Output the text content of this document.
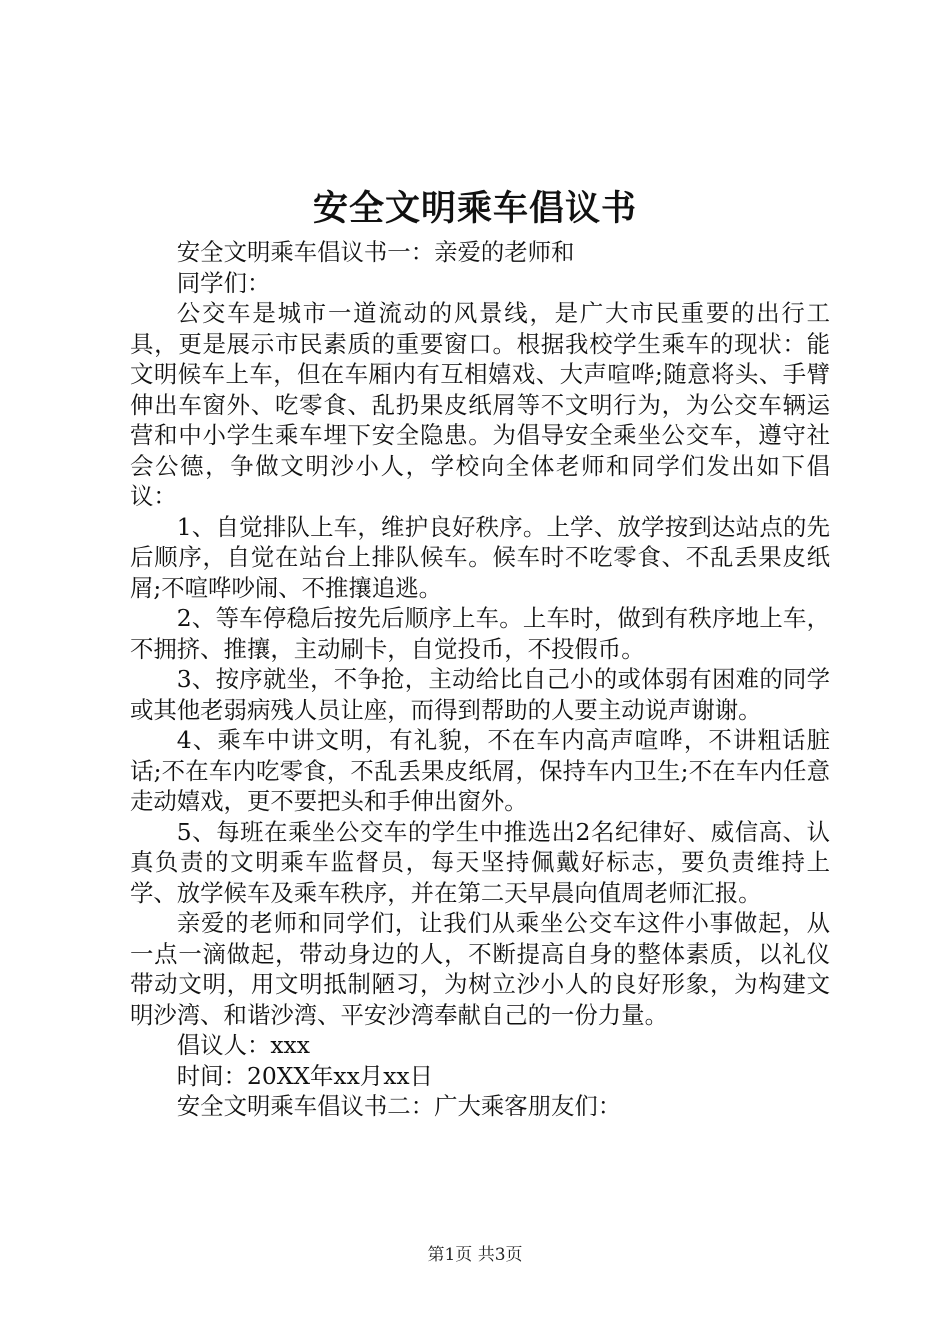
安全文明乘车倡议书

安全文明乘车倡议书一：亲爱的老师和

同学们：

公交车是城市一道流动的风景线，是广大市民重要的出行工具，更是展示市民素质的重要窗口。根据我校学生乘车的现状：能文明候车上车，但在车厢内有互相嬉戏、大声喧哗;随意将头、手臂伸出车窗外、吃零食、乱扔果皮纸屑等不文明行为，为公交车辆运营和中小学生乘车埋下安全隐患。为倡导安全乘坐公交车，遵守社会公德，争做文明沙小人，学校向全体老师和同学们发出如下倡议：

1、自觉排队上车，维护良好秩序。上学、放学按到达站点的先后顺序，自觉在站台上排队候车。候车时不吃零食、不乱丢果皮纸屑;不喧哗吵闹、不推攘追逃。

2、等车停稳后按先后顺序上车。上车时，做到有秩序地上车，不拥挤、推攘，主动刷卡，自觉投币，不投假币。

3、按序就坐，不争抢，主动给比自己小的或体弱有困难的同学或其他老弱病残人员让座，而得到帮助的人要主动说声谢谢。

4、乘车中讲文明，有礼貌，不在车内高声喧哗，不讲粗话脏话;不在车内吃零食，不乱丢果皮纸屑，保持车内卫生;不在车内任意走动嬉戏，更不要把头和手伸出窗外。

5、每班在乘坐公交车的学生中推选出2名纪律好、威信高、认真负责的文明乘车监督员，每天坚持佩戴好标志，要负责维持上学、放学候车及乘车秩序，并在第二天早晨向值周老师汇报。

亲爱的老师和同学们，让我们从乘坐公交车这件小事做起，从一点一滴做起，带动身边的人，不断提高自身的整体素质，以礼仪带动文明，用文明抵制陋习，为树立沙小人的良好形象，为构建文明沙湾、和谐沙湾、平安沙湾奉献自己的一份力量。

倡议人：xxx

时间：20XX年xx月xx日

安全文明乘车倡议书二：广大乘客朋友们：

第1页 共3页
